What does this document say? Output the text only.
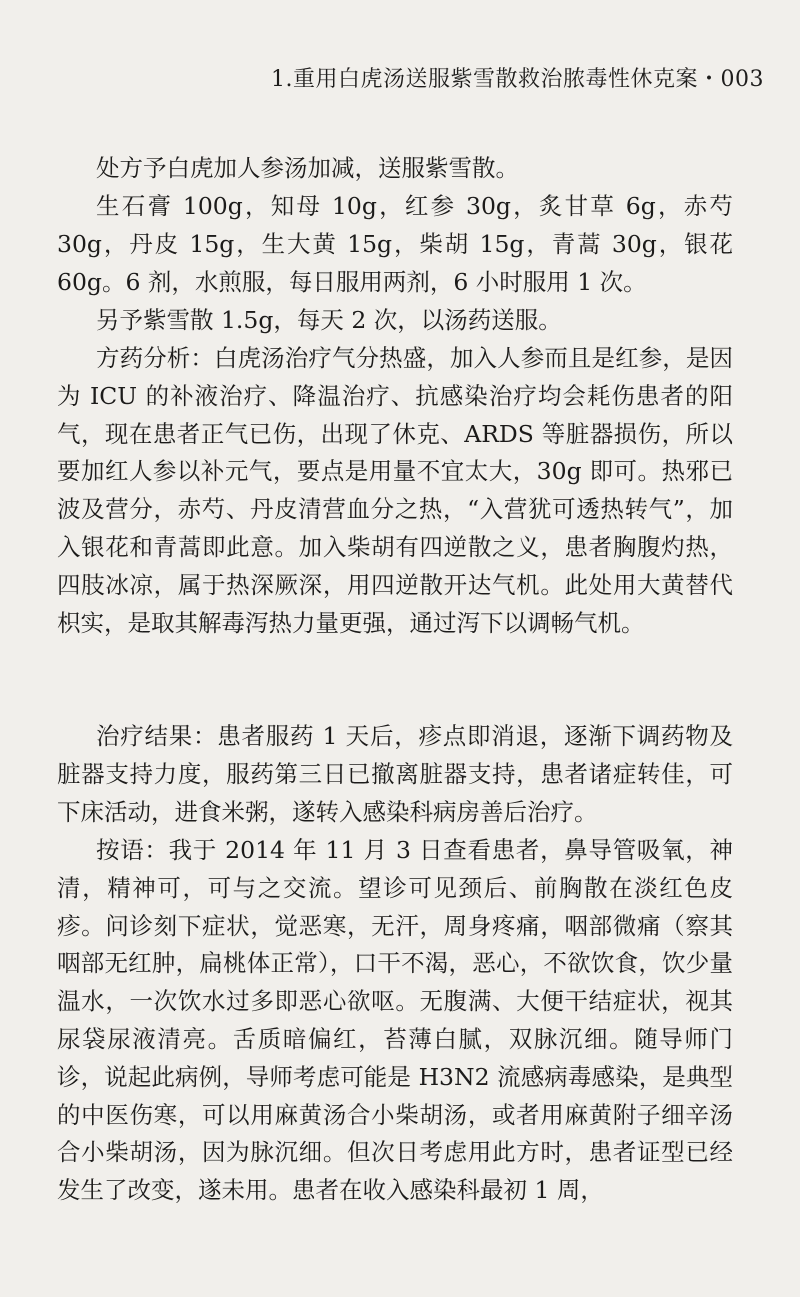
1.重用白虎汤送服紫雪散救治脓毒性休克案・003

处方予白虎加人参汤加减，送服紫雪散。

生石膏 100g，知母 10g，红参 30g，炙甘草 6g，赤芍 30g，丹皮 15g，生大黄 15g，柴胡 15g，青蒿 30g，银花 60g。6 剂，水煎服，每日服用两剂，6 小时服用 1 次。

另予紫雪散 1.5g，每天 2 次，以汤药送服。

方药分析：白虎汤治疗气分热盛，加入人参而且是红参，是因为 ICU 的补液治疗、降温治疗、抗感染治疗均会耗伤患者的阳气，现在患者正气已伤，出现了休克、ARDS 等脏器损伤，所以要加红人参以补元气，要点是用量不宜太大，30g 即可。热邪已波及营分，赤芍、丹皮清营血分之热，“入营犹可透热转气”，加入银花和青蒿即此意。加入柴胡有四逆散之义，患者胸腹灼热，四肢冰凉，属于热深厥深，用四逆散开达气机。此处用大黄替代枳实，是取其解毒泻热力量更强，通过泻下以调畅气机。

治疗结果：患者服药 1 天后，疹点即消退，逐渐下调药物及脏器支持力度，服药第三日已撤离脏器支持，患者诸症转佳，可下床活动，进食米粥，遂转入感染科病房善后治疗。

按语：我于 2014 年 11 月 3 日查看患者，鼻导管吸氧，神清，精神可，可与之交流。望诊可见颈后、前胸散在淡红色皮疹。问诊刻下症状，觉恶寒，无汗，周身疼痛，咽部微痛（察其咽部无红肿，扁桃体正常），口干不渴，恶心，不欲饮食，饮少量温水，一次饮水过多即恶心欲呕。无腹满、大便干结症状，视其尿袋尿液清亮。舌质暗偏红，苔薄白腻，双脉沉细。随导师门诊，说起此病例，导师考虑可能是 H3N2 流感病毒感染，是典型的中医伤寒，可以用麻黄汤合小柴胡汤，或者用麻黄附子细辛汤合小柴胡汤，因为脉沉细。但次日考虑用此方时，患者证型已经发生了改变，遂未用。患者在收入感染科最初 1 周，
